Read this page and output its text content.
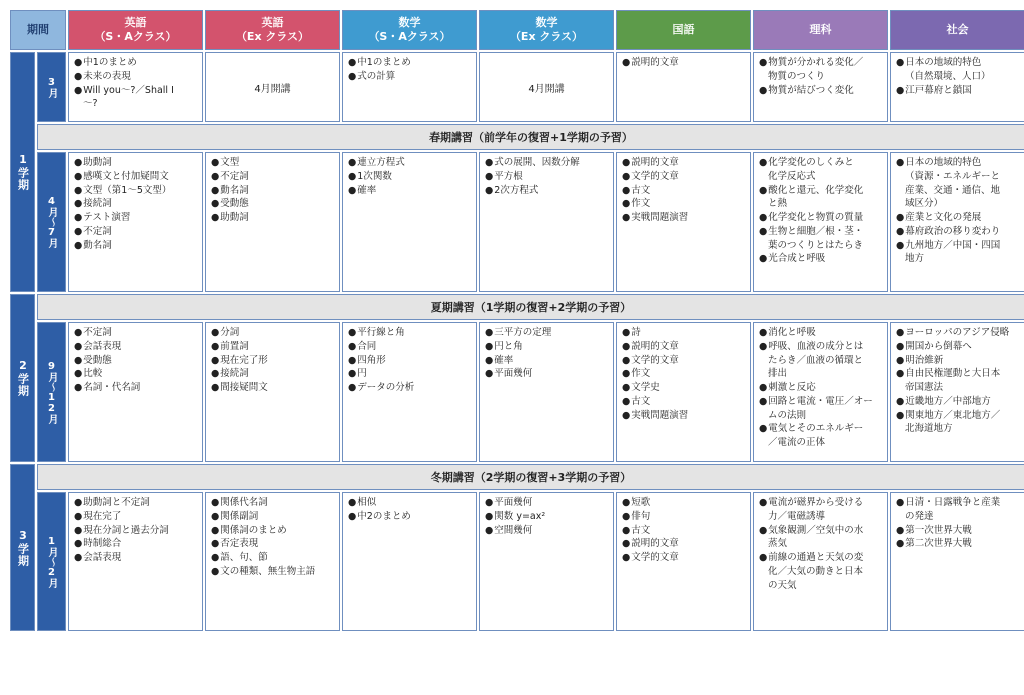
期間
英語
（S・Aクラス）
英語
（Ex クラス）
数学
（S・Aクラス）
数学
（Ex クラス）
国語	理科	社会
1学期
2学期
3学期
春期講習（前学年の復習+1学期の予習）
夏期講習（1学期の復習+2学期の予習）
冬期講習（2学期の復習+3学期の予習）
3月
● 中1のまとめ
● 未来の表現
● Will you～?／Shall I
～?
4月開講
● 中1のまとめ
● 式の計算
4月開講
● 説明的文章
●	物質が分かれる変化／
物質のつくり
● 物質が結びつく変化
● 日本の地域的特色
（自然環境、人口）
● 江戸幕府と鎖国
4月～7月
● 助動詞
● 感嘆文と付加疑問文
● 文型（第1～5文型）
● 接続詞
● テスト演習
● 不定詞
● 動名詞
● 文型
● 不定詞
● 動名詞
● 受動態
● 助動詞
● 連立方程式
● 1次関数
● 確率
● 式の展開、因数分解
● 平方根
● 2次方程式
● 説明的文章
● 文学的文章
● 古文
● 作文
● 実戦問題演習
● 化学変化のしくみと
化学反応式
● 酸化と還元、化学変化
と熱
● 化学変化と物質の質量
● 生物と細胞／根・茎・
葉のつくりとはたらき
● 光合成と呼吸
● 日本の地域的特色
（資源・エネルギーと
産業、交通・通信、地
域区分）
● 産業と文化の発展
● 幕府政治の移り変わり
● 九州地方／中国・四国
地方
9月～12月
● 不定詞
● 会話表現
● 受動態
● 比較
● 名詞・代名詞
● 分詞
● 前置詞
● 現在完了形
● 接続詞
● 間接疑問文
● 平行線と角
● 合同
● 四角形
● 円
● データの分析
● 三平方の定理
● 円と角
● 確率
● 平面幾何
● 詩
● 説明的文章
● 文学的文章
● 作文
● 文学史
● 古文
● 実戦問題演習
● 消化と呼吸
● 呼吸、血液の成分とは
たらき／血液の循環と
排出
● 刺激と反応
● 回路と電流・電圧／オー
ムの法則
● 電気とそのエネルギー
／電流の正体
● ヨーロッパのアジア侵略
● 開国から倒幕へ
● 明治維新
● 自由民権運動と大日本
帝国憲法
● 近畿地方／中部地方
● 関東地方／東北地方／
北海道地方
1月～2月
● 助動詞と不定詞
● 現在完了
● 現在分詞と過去分詞
● 時制総合
● 会話表現
● 関係代名詞
● 関係副詞
● 関係詞のまとめ
● 否定表現
● 語、句、節
● 文の種類、無生物主語
● 相似
● 中2のまとめ
● 平面幾何
● 関数 y=ax²
● 空間幾何
● 短歌
● 俳句
● 古文
● 説明的文章
● 文学的文章
● 電流が磁界から受ける
力／電磁誘導
● 気象観測／空気中の水
蒸気
● 前線の通過と天気の変
化／大気の動きと日本
の天気
● 日清・日露戦争と産業
の発達
● 第一次世界大戦
● 第二次世界大戦
